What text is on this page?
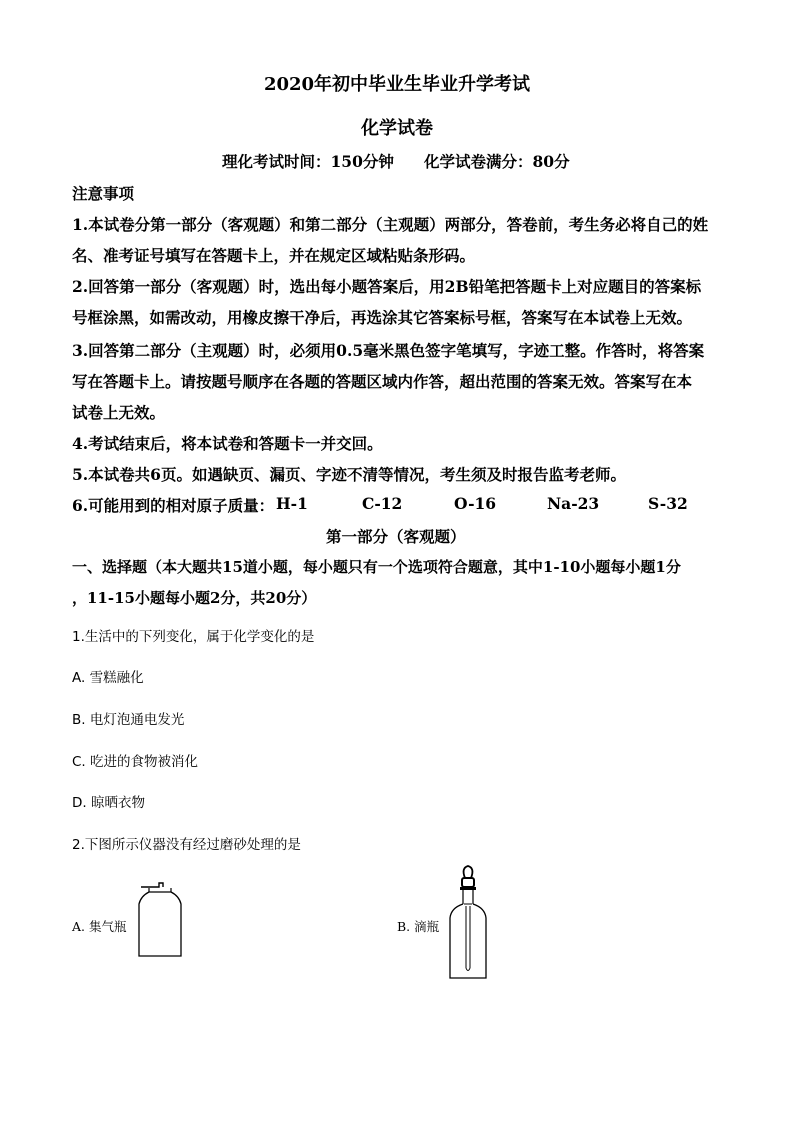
2020年初中毕业生毕业升学考试
化学试卷
理化考试时间：150分钟 化学试卷满分：80分
注意事项
1.本试卷分第一部分（客观题）和第二部分（主观题）两部分，答卷前，考生务必将自己的姓
名、准考证号填写在答题卡上，并在规定区域粘贴条形码。
2.回答第一部分（客观题）时，选出每小题答案后，用2B铅笔把答题卡上对应题目的答案标
号框涂黑，如需改动，用橡皮擦干净后，再选涂其它答案标号框，答案写在本试卷上无效。
3.回答第二部分（主观题）时，必须用0.5毫米黑色签字笔填写，字迹工整。作答时，将答案
写在答题卡上。请按题号顺序在各题的答题区域内作答，超出范围的答案无效。答案写在本
试卷上无效。
4.考试结束后，将本试卷和答题卡一并交回。
5.本试卷共6页。如遇缺页、漏页、字迹不清等情况，考生须及时报告监考老师。
6.可能用到的相对原子质量： H-1	C-12	O-16	Na-23	S-32
第一部分（客观题）
一、选择题（本大题共15道小题，每小题只有一个选项符合题意，其中1-10小题每小题1分
，11-15小题每小题2分，共20分）
1.生活中的下列变化，属于化学变化的是
A. 雪糕融化
B. 电灯泡通电发光
C. 吃进的食物被消化
D. 晾晒衣物
2.下图所示仪器没有经过磨砂处理的是
A. 集气瓶	B. 滴瓶
